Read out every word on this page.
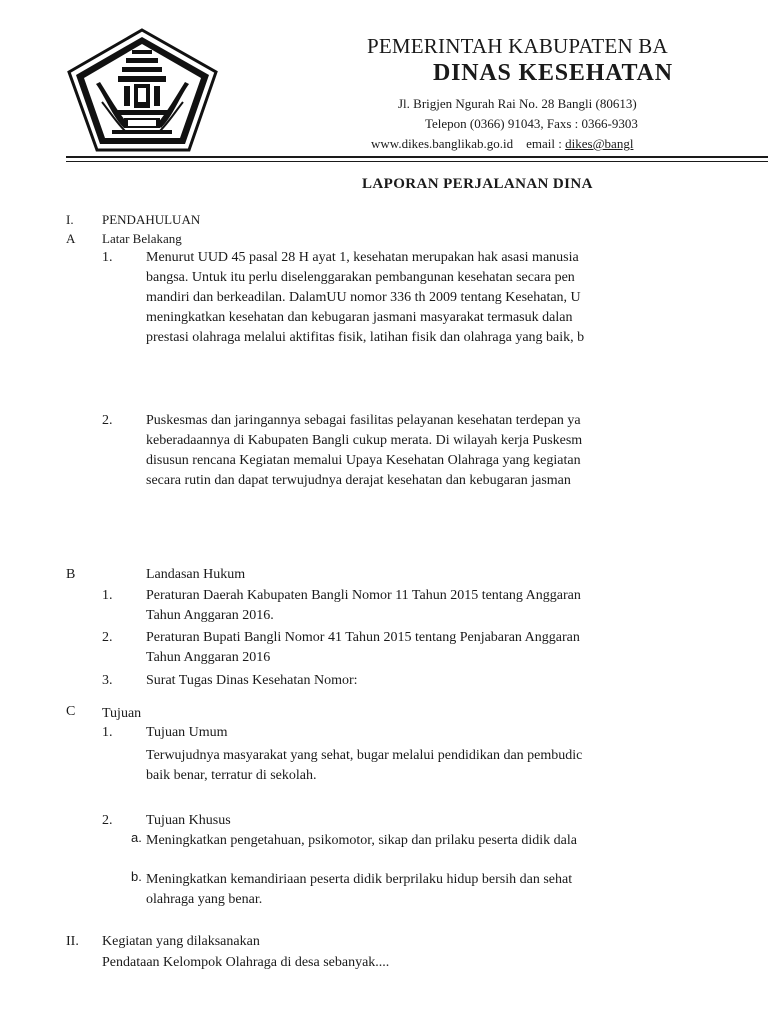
PEMERINTAH KABUPATEN BA
DINAS KESEHATAN
Jl. Brigjen Ngurah Rai No. 28 Bangli (80613)
Telepon (0366) 91043, Faxs : 0366-9303
www.dikes.banglikab.go.id email : dikes@bangl
LAPORAN PERJALANAN DINA
I. PENDAHULUAN
A Latar Belakang
1. Menurut UUD 45 pasal 28 H ayat 1, kesehatan merupakan hak asasi manusia
bangsa. Untuk itu perlu diselenggarakan pembangunan kesehatan secara pen
mandiri dan berkeadilan. DalamUU nomor 336 th 2009 tentang Kesehatan, U
meningkatkan kesehatan dan kebugaran jasmani masyarakat termasuk dalan
prestasi olahraga melalui aktifitas fisik, latihan fisik dan olahraga yang baik, b
2. Puskesmas dan jaringannya sebagai fasilitas pelayanan kesehatan terdepan ya
keberadaannya di Kabupaten Bangli cukup merata. Di wilayah kerja Puskesm
disusun rencana Kegiatan memalui Upaya Kesehatan Olahraga yang kegiatan
secara rutin dan dapat terwujudnya derajat kesehatan dan kebugaran jasman
B	Landasan Hukum
1. Peraturan Daerah Kabupaten Bangli Nomor 11 Tahun 2015 tentang Anggaran
Tahun Anggaran 2016.
2. Peraturan Bupati Bangli Nomor 41 Tahun 2015 tentang Penjabaran Anggaran
Tahun Anggaran 2016
3. Surat Tugas Dinas Kesehatan Nomor:
C Tujuan
1. Tujuan Umum
Terwujudnya masyarakat yang sehat, bugar melalui pendidikan dan pembudic
baik benar, terratur di sekolah.
2. Tujuan Khusus
a. Meningkatkan pengetahuan, psikomotor, sikap dan prilaku peserta didik dala
b. Meningkatkan kemandiriaan peserta didik berprilaku hidup bersih dan sehat
olahraga yang benar.
II. Kegiatan yang dilaksanakan
Pendataan Kelompok Olahraga di desa sebanyak....
